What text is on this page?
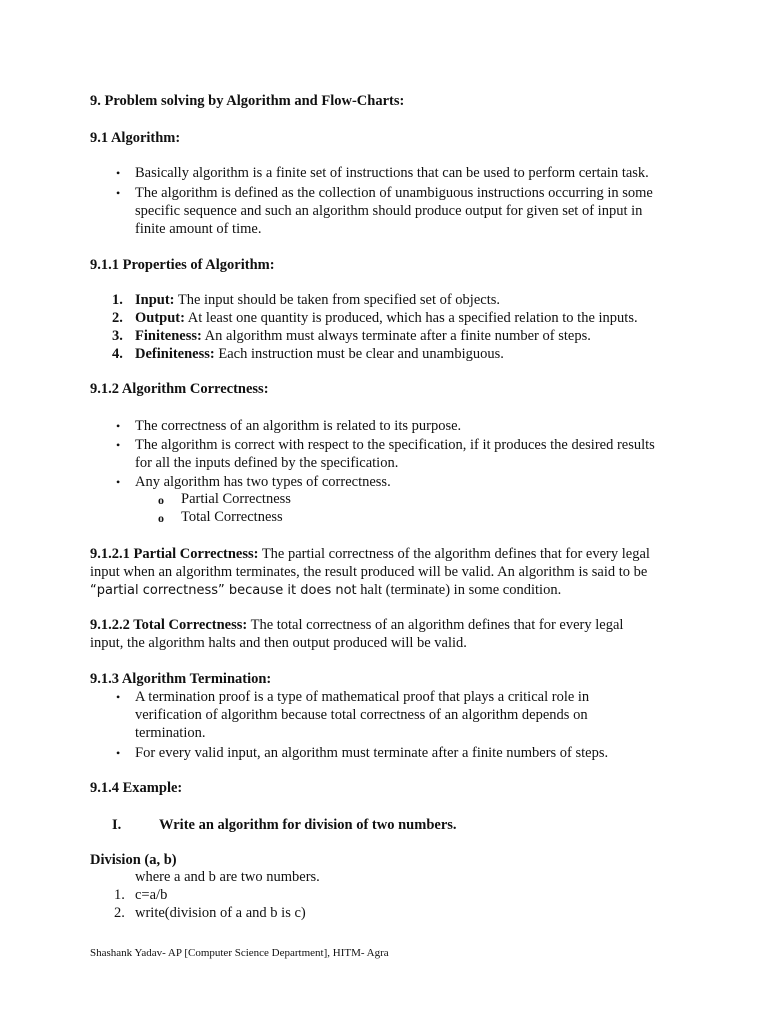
9. Problem solving by Algorithm and Flow-Charts:
9.1 Algorithm:
• Basically algorithm is a finite set of instructions that can be used to perform certain task.
• The algorithm is defined as the collection of unambiguous instructions occurring in some
specific sequence and such an algorithm should produce output for given set of input in
finite amount of time.
9.1.1 Properties of Algorithm:
1. Input: The input should be taken from specified set of objects.
2. Output: At least one quantity is produced, which has a specified relation to the inputs.
3. Finiteness: An algorithm must always terminate after a finite number of steps.
4. Definiteness: Each instruction must be clear and unambiguous.
9.1.2 Algorithm Correctness:
• The correctness of an algorithm is related to its purpose.
• The algorithm is correct with respect to the specification, if it produces the desired results
for all the inputs defined by the specification.
• Any algorithm has two types of correctness.
o Partial Correctness
o Total Correctness
9.1.2.1 Partial Correctness: The partial correctness of the algorithm defines that for every legal
input when an algorithm terminates, the result produced will be valid. An algorithm is said to be
“partial correctness” because it does not halt (terminate) in some condition.
9.1.2.2 Total Correctness: The total correctness of an algorithm defines that for every legal
input, the algorithm halts and then output produced will be valid.
9.1.3 Algorithm Termination:
• A termination proof is a type of mathematical proof that plays a critical role in
verification of algorithm because total correctness of an algorithm depends on
termination.
• For every valid input, an algorithm must terminate after a finite numbers of steps.
9.1.4 Example:
I.	Write an algorithm for division of two numbers.
Division (a, b)
where a and b are two numbers.
1. c=a/b
2. write(division of a and b is c)
Shashank Yadav- AP [Computer Science Department], HITM- Agra
